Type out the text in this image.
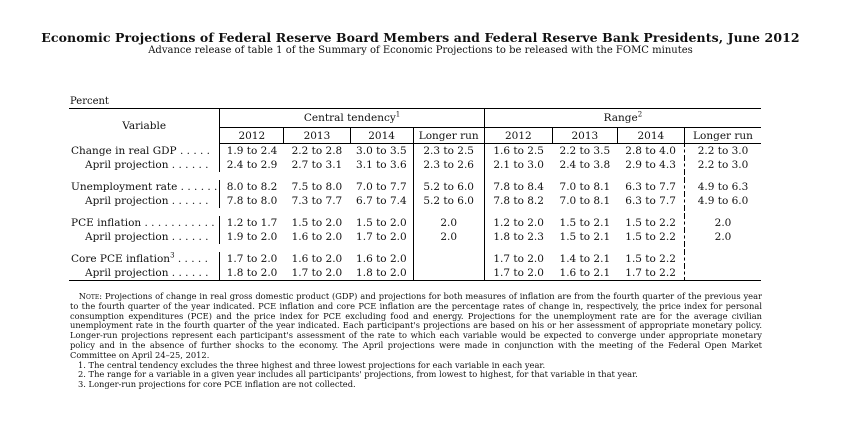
Economic Projections of Federal Reserve Board Members and Federal Reserve Bank Presidents, June 2012
Advance release of table 1 of the Summary of Economic Projections to be released with the FOMC minutes
Percent
Variable	Central tendency$^1$				Range$^2$
	2012	2013	2014	Longer run	2012	2013	2014	Longer run
Change in real GDP . . . . .	1.9 to 2.4	2.2 to 2.8	3.0 to 3.5	2.3 to 2.5	1.6 to 2.5	2.2 to 3.5	2.8 to 4.0	2.2 to 3.0
April projection . . . . . .	2.4 to 2.9	2.7 to 3.1	3.1 to 3.6	2.3 to 2.6	2.1 to 3.0	2.4 to 3.8	2.9 to 4.3	2.2 to 3.0

Unemployment rate . . . . . .	8.0 to 8.2	7.5 to 8.0	7.0 to 7.7	5.2 to 6.0	7.8 to 8.4	7.0 to 8.1	6.3 to 7.7	4.9 to 6.3
April projection . . . . . .	7.8 to 8.0	7.3 to 7.7	6.7 to 7.4	5.2 to 6.0	7.8 to 8.2	7.0 to 8.1	6.3 to 7.7	4.9 to 6.0

PCE inflation . . . . . . . . . . .	1.2 to 1.7	1.5 to 2.0	1.5 to 2.0	2.0	1.2 to 2.0	1.5 to 2.1	1.5 to 2.2	2.0
April projection . . . . . .	1.9 to 2.0	1.6 to 2.0	1.7 to 2.0	2.0	1.8 to 2.3	1.5 to 2.1	1.5 to 2.2	2.0

Core PCE inflation$^3$ . . . . .	1.7 to 2.0	1.6 to 2.0	1.6 to 2.0		1.7 to 2.0	1.4 to 2.1	1.5 to 2.2	
April projection . . . . . .	1.8 to 2.0	1.7 to 2.0	1.8 to 2.0		1.7 to 2.0	1.6 to 2.1	1.7 to 2.2	

Note: Projections of change in real gross domestic product (GDP) and projections for both measures of inflation are from the fourth quarter of the previous year to the fourth quarter of the year indicated. PCE inflation and core PCE inflation are the percentage rates of change in, respectively, the price index for personal consumption expenditures (PCE) and the price index for PCE excluding food and energy. Projections for the unemployment rate are for the average civilian unemployment rate in the fourth quarter of the year indicated. Each participant's projections are based on his or her assessment of appropriate monetary policy. Longer-run projections represent each participant's assessment of the rate to which each variable would be expected to converge under appropriate monetary policy and in the absence of further shocks to the economy. The April projections were made in conjunction with the meeting of the Federal Open Market Committee on April 24–25, 2012.

1. The central tendency excludes the three highest and three lowest projections for each variable in each year.

2. The range for a variable in a given year includes all participants' projections, from lowest to highest, for that variable in that year.

3. Longer-run projections for core PCE inflation are not collected.
